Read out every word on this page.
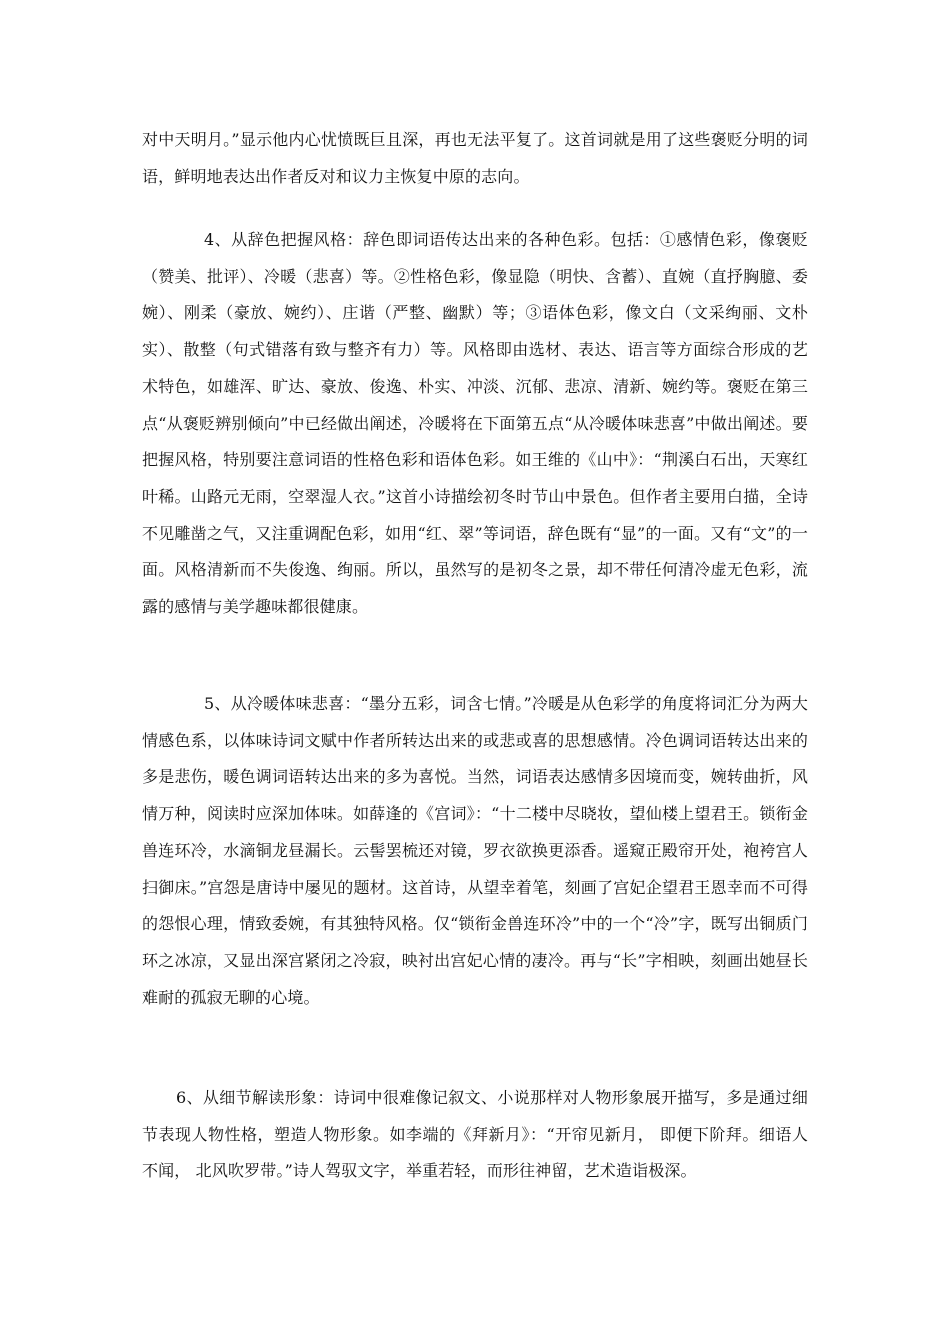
对中天明月。”显示他内心忧愤既巨且深，再也无法平复了。这首词就是用了这些褒贬分明的词语，鲜明地表达出作者反对和议力主恢复中原的志向。

4、从辞色把握风格：辞色即词语传达出来的各种色彩。包括：①感情色彩，像褒贬（赞美、批评）、冷暖（悲喜）等。②性格色彩，像显隐（明快、含蓄）、直婉（直抒胸臆、委婉）、刚柔（豪放、婉约）、庄谐（严整、幽默）等；③语体色彩，像文白（文采绚丽、文朴实）、散整（句式错落有致与整齐有力）等。风格即由选材、表达、语言等方面综合形成的艺术特色，如雄浑、旷达、豪放、俊逸、朴实、冲淡、沉郁、悲凉、清新、婉约等。褒贬在第三点“从褒贬辨别倾向”中已经做出阐述，冷暖将在下面第五点“从冷暖体味悲喜”中做出阐述。要把握风格，特别要注意词语的性格色彩和语体色彩。如王维的《山中》：“荆溪白石出，天寒红叶稀。山路元无雨，空翠湿人衣。”这首小诗描绘初冬时节山中景色。但作者主要用白描，全诗不见雕凿之气，又注重调配色彩，如用“红、翠”等词语，辞色既有“显”的一面。又有“文”的一面。风格清新而不失俊逸、绚丽。所以，虽然写的是初冬之景，却不带任何清冷虚无色彩，流露的感情与美学趣味都很健康。

5、从冷暖体味悲喜：“墨分五彩，词含七情。”冷暖是从色彩学的角度将词汇分为两大情感色系，以体味诗词文赋中作者所转达出来的或悲或喜的思想感情。冷色调词语转达出来的多是悲伤，暖色调词语转达出来的多为喜悦。当然，词语表达感情多因境而变，婉转曲折，风情万种，阅读时应深加体味。如薛逢的《宫词》：“十二楼中尽晓妆，望仙楼上望君王。锁衔金兽连环冷，水滴铜龙昼漏长。云髻罢梳还对镜，罗衣欲换更添香。遥窥正殿帘开处，袍袴宫人扫御床。”宫怨是唐诗中屡见的题材。这首诗，从望幸着笔，刻画了宫妃企望君王恩幸而不可得的怨恨心理，情致委婉，有其独特风格。仅“锁衔金兽连环冷”中的一个“冷”字，既写出铜质门环之冰凉，又显出深宫紧闭之冷寂，映衬出宫妃心情的凄冷。再与“长”字相映，刻画出她昼长难耐的孤寂无聊的心境。

6、从细节解读形象：诗词中很难像记叙文、小说那样对人物形象展开描写，多是通过细节表现人物性格，塑造人物形象。如李端的《拜新月》：“开帘见新月， 即便下阶拜。细语人不闻， 北风吹罗带。”诗人驾驭文字，举重若轻，而形往神留，艺术造诣极深。
